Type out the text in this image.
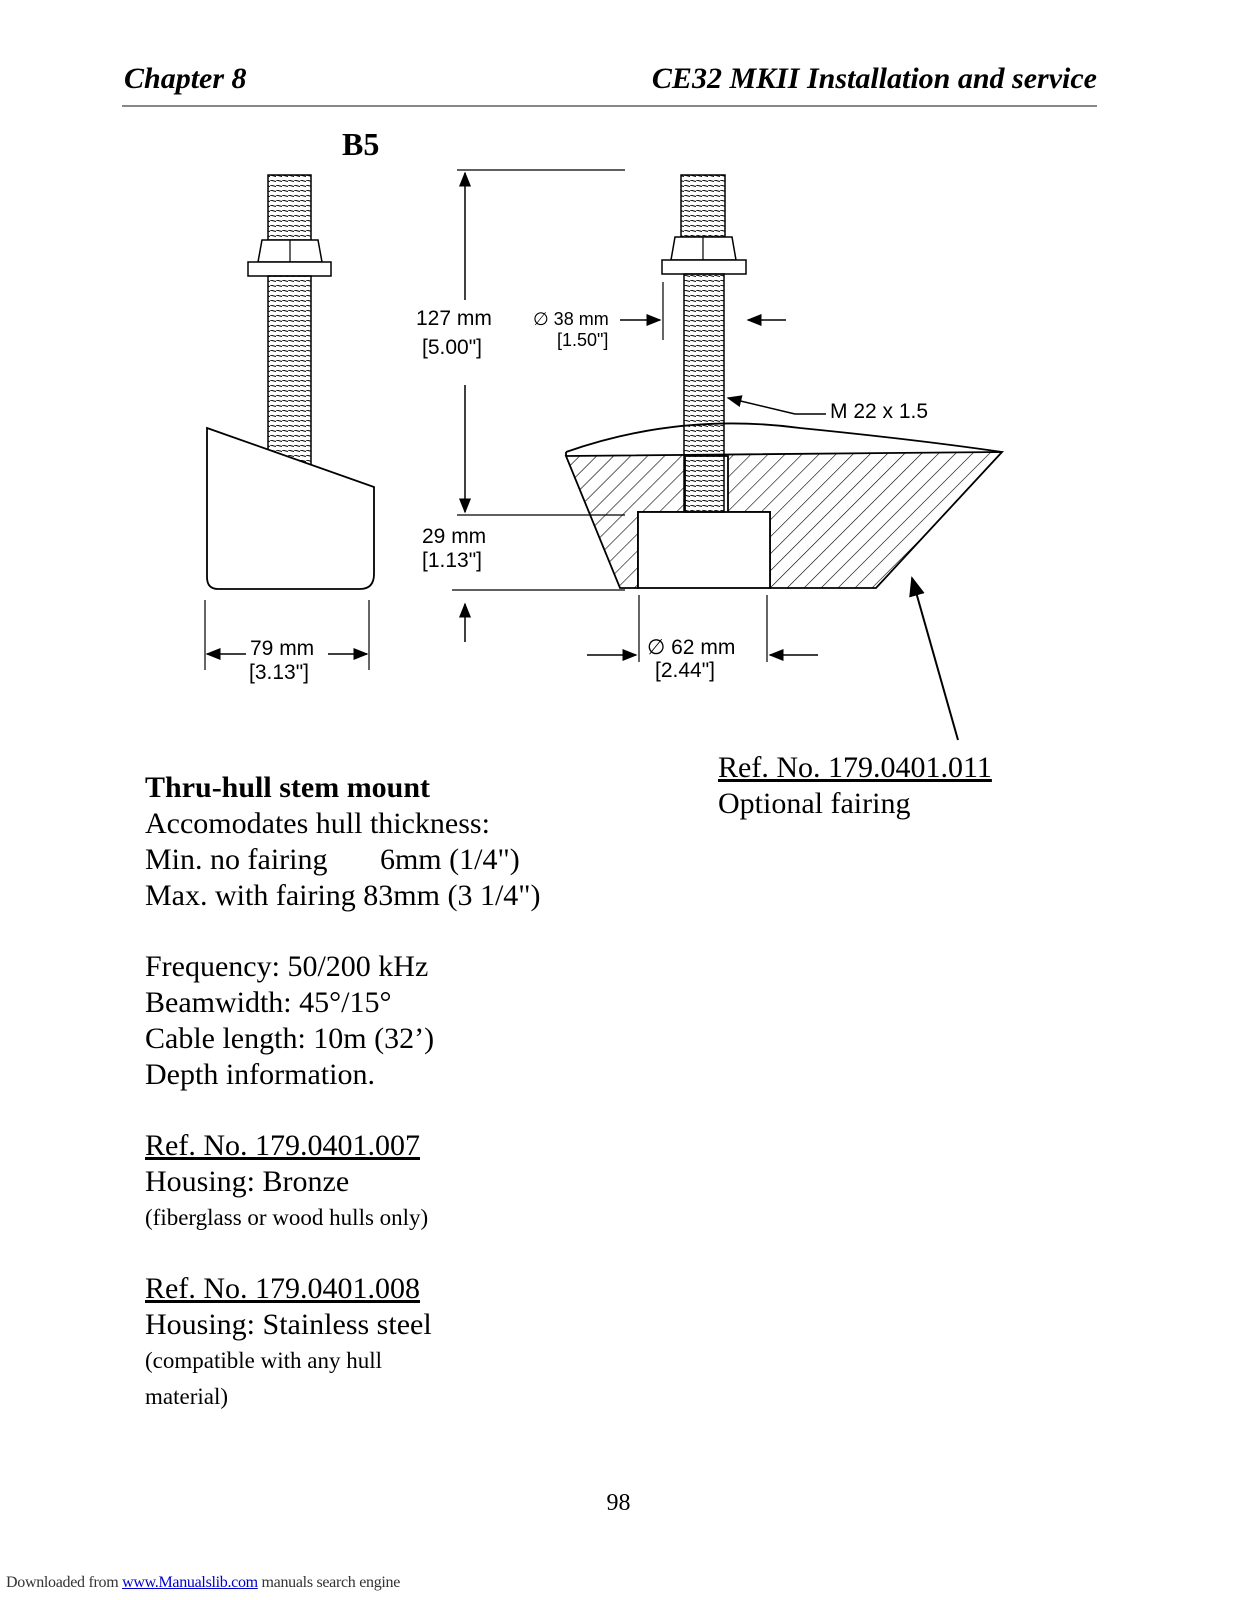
Chapter 8	CE32 MKII Installation and service
B5
79 mm
[3.13"]
127 mm
[5.00"]
29 mm
[1.13"]
∅ 38 mm
[1.50"]
M 22 x 1.5
∅ 62 mm
[2.44"]
Ref. No. 179.0401.011
Optional fairing
Thru-hull stem mount
Accomodates hull thickness:
Min. no fairing       6mm (1/4")
Max. with fairing 83mm (3 1/4")
Frequency: 50/200 kHz
Beamwidth: 45°/15°
Cable length: 10m (32’)
Depth information.
Ref. No. 179.0401.007
Housing: Bronze
(fiberglass or wood hulls only)
Ref. No. 179.0401.008
Housing: Stainless steel
(compatible with any hull
material)
98
Downloaded from www.Manualslib.com manuals search engine
